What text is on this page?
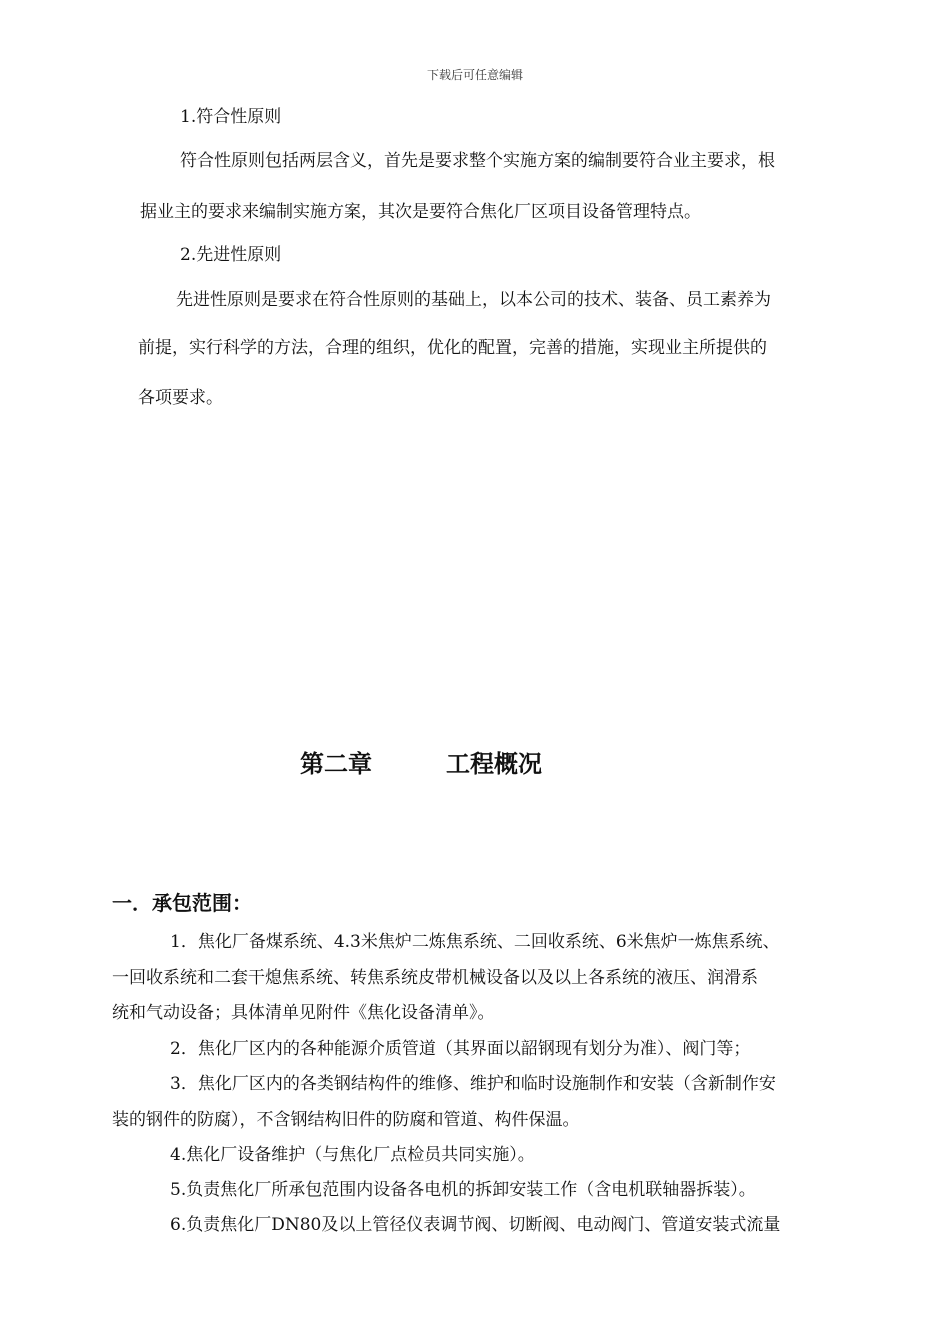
下载后可任意编辑
1.符合性原则
符合性原则包括两层含义，首先是要求整个实施方案的编制要符合业主要求，根
据业主的要求来编制实施方案，其次是要符合焦化厂区项目设备管理特点。
2.先进性原则
先进性原则是要求在符合性原则的基础上，以本公司的技术、装备、员工素养为
前提，实行科学的方法，合理的组织，优化的配置，完善的措施，实现业主所提供的
各项要求。
第二章	工程概况
一．承包范围：
1．焦化厂备煤系统、4.3米焦炉二炼焦系统、二回收系统、6米焦炉一炼焦系统、
一回收系统和二套干熄焦系统、转焦系统皮带机械设备以及以上各系统的液压、润滑系
统和气动设备；具体清单见附件《焦化设备清单》。
2．焦化厂区内的各种能源介质管道（其界面以韶钢现有划分为准）、阀门等；
3．焦化厂区内的各类钢结构件的维修、维护和临时设施制作和安装（含新制作安
装的钢件的防腐），不含钢结构旧件的防腐和管道、构件保温。
4.焦化厂设备维护（与焦化厂点检员共同实施）。
5.负责焦化厂所承包范围内设备各电机的拆卸安装工作（含电机联轴器拆装）。
6.负责焦化厂DN80及以上管径仪表调节阀、切断阀、电动阀门、管道安装式流量
